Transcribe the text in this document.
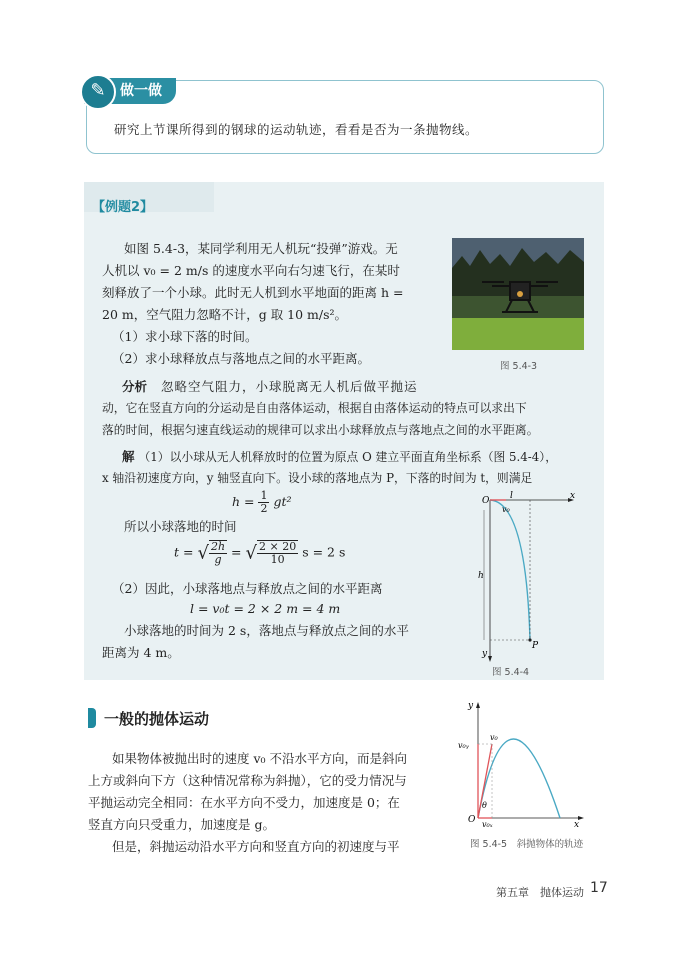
✎	做一做
研究上节课所得到的钢球的运动轨迹，看看是否为一条抛物线。
【例题2】
如图 5.4-3，某同学利用无人机玩“投弹”游戏。无
人机以 v₀ = 2 m/s 的速度水平向右匀速飞行，在某时
刻释放了一个小球。此时无人机到水平地面的距离 h =
20 m，空气阻力忽略不计，g 取 10 m/s²。
（1）求小球下落的时间。
（2）求小球释放点与落地点之间的水平距离。
图 5.4-3
分析 忽略空气阻力，小球脱离无人机后做平抛运
动，它在竖直方向的分运动是自由落体运动，根据自由落体运动的特点可以求出下
落的时间，根据匀速直线运动的规律可以求出小球释放点与落地点之间的水平距离。
解 （1）以小球从无人机释放时的位置为原点 O 建立平面直角坐标系（图 5.4-4），
x 轴沿初速度方向，y 轴竖直向下。设小球的落地点为 P，下落的时间为 t，则满足
$h = \frac{1}{2} gt^2$
所以小球落地的时间
t = √ $\frac{2h}{g}$ = √ $\frac{2 \times 20}{10}$ s = 2 s
（2）因此，小球落地点与释放点之间的水平距离
l = v₀t = 2 × 2 m = 4 m
小球落地的时间为 2 s，落地点与释放点之间的水平
距离为 4 m。
O l	x
v₀
h
y
P
图 5.4-4
一般的抛体运动
如果物体被抛出时的速度 v₀ 不沿水平方向，而是斜向
上方或斜向下方（这种情况常称为斜抛），它的受力情况与
平抛运动完全相同：在水平方向不受力，加速度是 0；在
竖直方向只受重力，加速度是 g。
但是，斜抛运动沿水平方向和竖直方向的初速度与平
y
v₀ᵧ
v₀
θ
O v₀ₓ	x
图 5.4-5　斜抛物体的轨迹
第五章　抛体运动 17
